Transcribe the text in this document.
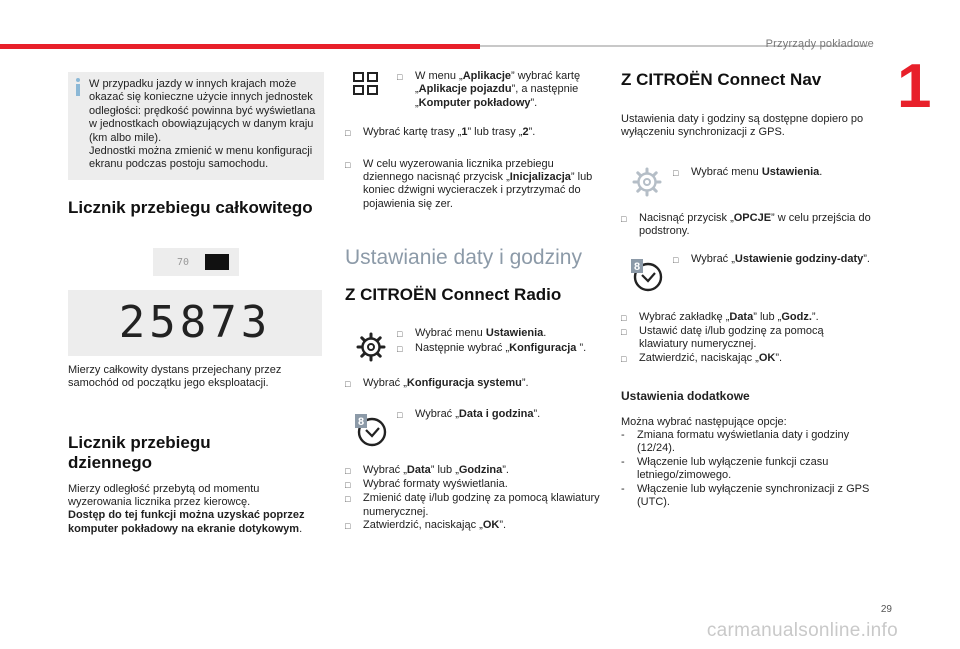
Przyrządy pokładowe
1

W przypadku jazdy w innych krajach może okazać się konieczne użycie innych jednostek odległości: prędkość powinna być wyświetlana w jednostkach obowiązujących w danym kraju (km albo mile).

Jednostki można zmienić w menu konfiguracji ekranu podczas postoju samochodu.

Licznik przebiegu całkowitego
70
25873

Mierzy całkowity dystans przejechany przez samochód od początku jego eksploatacji.

Licznik przebiegu
dziennego

Mierzy odległość przebytą od momentu wyzerowania licznika przez kierowcę.
Dostęp do tej funkcji można uzyskać poprzez komputer pokładowy na ekranie dotykowym.

□	W menu „Aplikacje” wybrać kartę „Aplikacje pojazdu”, a następnie „Komputer pokładowy”.
□	Wybrać kartę trasy „1” lub trasy „2”.
□	W celu wyzerowania licznika przebiegu dziennego nacisnąć przycisk „Inicjalizacja” lub koniec dźwigni wycieraczek i przytrzymać do pojawienia się zer.
Ustawianie daty i godziny
Z CITROËN Connect Radio
□	Wybrać menu Ustawienia.
□	Następnie wybrać „Konfiguracja ”.
□	Wybrać „Konfiguracja systemu”.
8
□	Wybrać „Data i godzina”.
□	Wybrać „Data” lub „Godzina”.
□	Wybrać formaty wyświetlania.
□	Zmienić datę i/lub godzinę za pomocą klawiatury numerycznej.
□	Zatwierdzić, naciskając „OK”.
Z CITROËN Connect Nav

Ustawienia daty i godziny są dostępne dopiero po wyłączeniu synchronizacji z GPS.

□	Wybrać menu Ustawienia.
□	Nacisnąć przycisk „OPCJE” w celu przejścia do podstrony.
8
□	Wybrać „Ustawienie godziny-daty”.
□	Wybrać zakładkę „Data” lub „Godz.”.
□	Ustawić datę i/lub godzinę za pomocą klawiatury numerycznej.
□	Zatwierdzić, naciskając „OK”.
Ustawienia dodatkowe

Można wybrać następujące opcje:

-	Zmiana formatu wyświetlania daty i godziny (12/24).
-	Włączenie lub wyłączenie funkcji czasu letniego/zimowego.
-	Włączenie lub wyłączenie synchronizacji z GPS (UTC).
29
carmanualsonline.info
